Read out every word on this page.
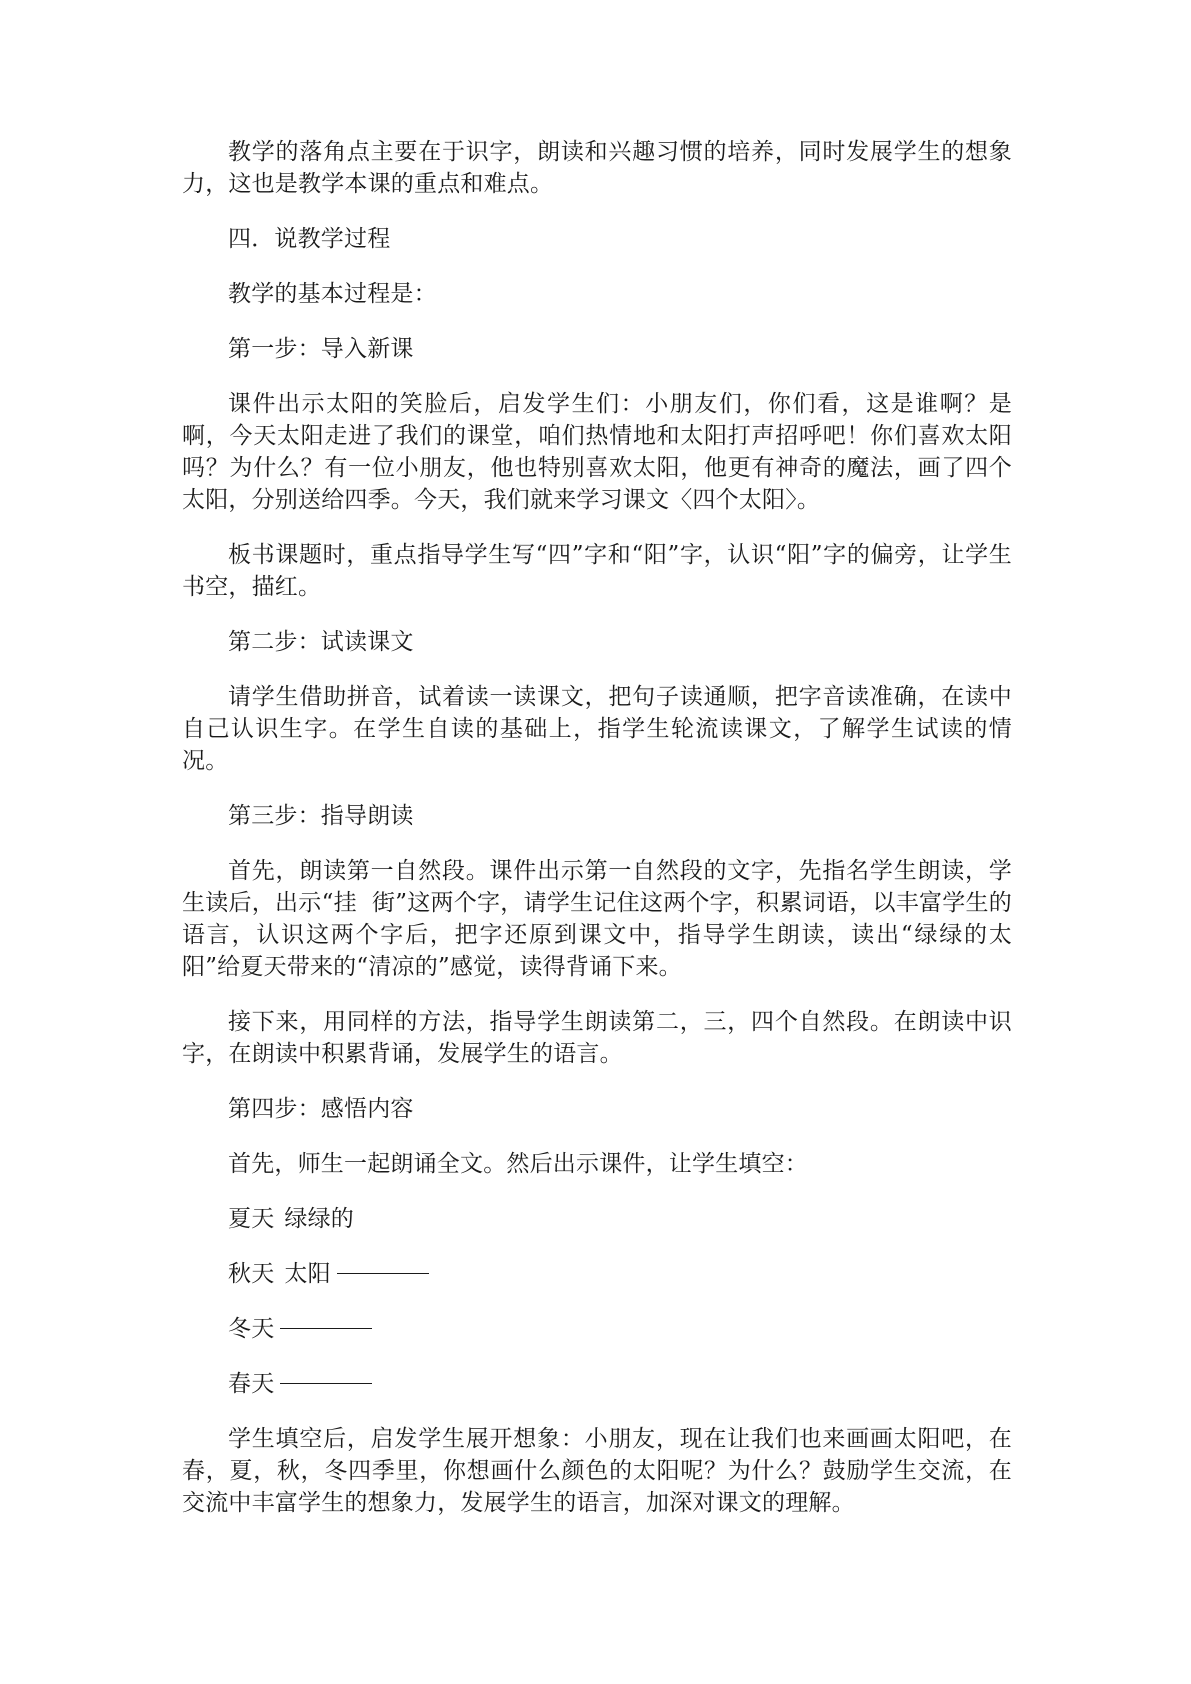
教学的落角点主要在于识字，朗读和兴趣习惯的培养，同时发展学生的想象力，这也是教学本课的重点和难点。

四．说教学过程

教学的基本过程是：

第一步：导入新课

课件出示太阳的笑脸后，启发学生们：小朋友们，你们看，这是谁啊？是啊，今天太阳走进了我们的课堂，咱们热情地和太阳打声招呼吧！你们喜欢太阳吗？为什么？有一位小朋友，他也特别喜欢太阳，他更有神奇的魔法，画了四个太阳，分别送给四季。今天，我们就来学习课文〈四个太阳〉。

板书课题时，重点指导学生写“四”字和“阳”字，认识“阳”字的偏旁，让学生书空，描红。

第二步：试读课文

请学生借助拼音，试着读一读课文，把句子读通顺，把字音读准确，在读中自己认识生字。在学生自读的基础上，指学生轮流读课文，了解学生试读的情况。

第三步：指导朗读

首先，朗读第一自然段。课件出示第一自然段的文字，先指名学生朗读，学生读后，出示“挂  街”这两个字，请学生记住这两个字，积累词语，以丰富学生的语言，认识这两个字后，把字还原到课文中，指导学生朗读，读出“绿绿的太阳”给夏天带来的“清凉的”感觉，读得背诵下来。

接下来，用同样的方法，指导学生朗读第二，三，四个自然段。在朗读中识字，在朗读中积累背诵，发展学生的语言。

第四步：感悟内容

首先，师生一起朗诵全文。然后出示课件，让学生填空：

夏天 绿绿的

秋天 太阳

冬天

春天

学生填空后，启发学生展开想象：小朋友，现在让我们也来画画太阳吧，在春，夏，秋，冬四季里，你想画什么颜色的太阳呢？为什么？鼓励学生交流，在交流中丰富学生的想象力，发展学生的语言，加深对课文的理解。
